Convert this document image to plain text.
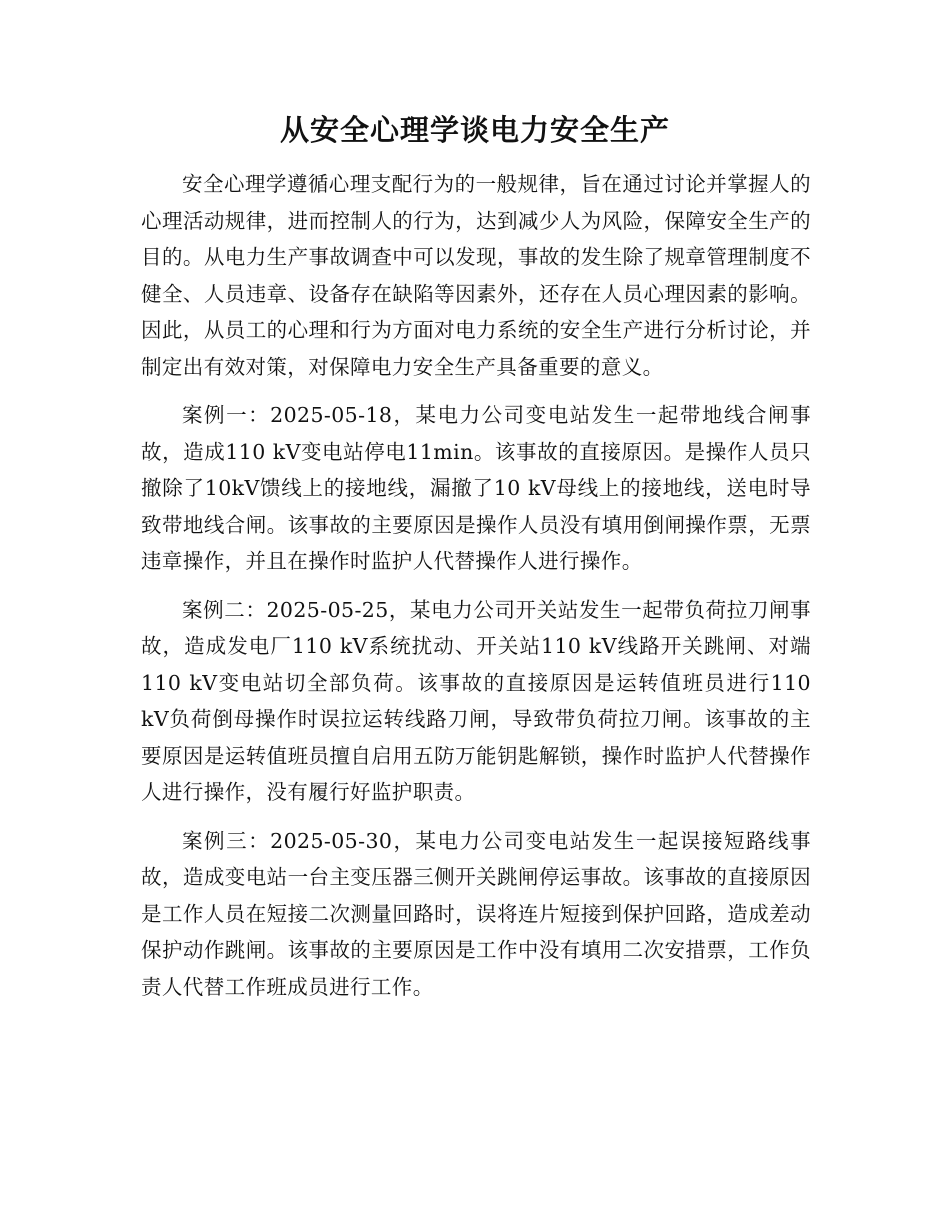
从安全心理学谈电力安全生产

安全心理学遵循心理支配行为的一般规律，旨在通过讨论并掌握人的心理活动规律，进而控制人的行为，达到减少人为风险，保障安全生产的目的。从电力生产事故调查中可以发现，事故的发生除了规章管理制度不健全、人员违章、设备存在缺陷等因素外，还存在人员心理因素的影响。因此，从员工的心理和行为方面对电力系统的安全生产进行分析讨论，并制定出有效对策，对保障电力安全生产具备重要的意义。

案例一：2025-05-18，某电力公司变电站发生一起带地线合闸事故，造成110 kV变电站停电11min。该事故的直接原因。是操作人员只撤除了10kV馈线上的接地线，漏撤了10 kV母线上的接地线，送电时导致带地线合闸。该事故的主要原因是操作人员没有填用倒闸操作票，无票违章操作，并且在操作时监护人代替操作人进行操作。

案例二：2025-05-25，某电力公司开关站发生一起带负荷拉刀闸事故，造成发电厂110 kV系统扰动、开关站110 kV线路开关跳闸、对端110 kV变电站切全部负荷。该事故的直接原因是运转值班员进行110 kV负荷倒母操作时误拉运转线路刀闸，导致带负荷拉刀闸。该事故的主要原因是运转值班员擅自启用五防万能钥匙解锁，操作时监护人代替操作人进行操作，没有履行好监护职责。

案例三：2025-05-30，某电力公司变电站发生一起误接短路线事故，造成变电站一台主变压器三侧开关跳闸停运事故。该事故的直接原因是工作人员在短接二次测量回路时，误将连片短接到保护回路，造成差动保护动作跳闸。该事故的主要原因是工作中没有填用二次安措票，工作负责人代替工作班成员进行工作。
